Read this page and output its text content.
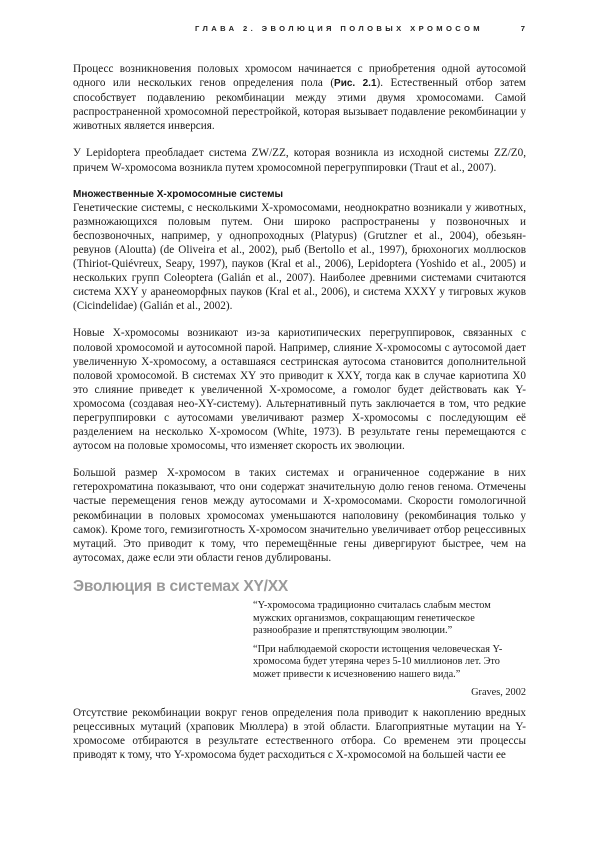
ГЛАВА 2. ЭВОЛЮЦИЯ ПОЛОВЫХ ХРОМОСОМ	7

Процесс возникновения половых хромосом начинается с приобретения одной аутосомой одного или нескольких генов определения пола (Рис. 2.1). Естественный отбор затем способствует подавлению рекомбинации между этими двумя хромосомами. Самой распространенной хромосомной перестройкой, которая вызывает подавление рекомбинации у животных является инверсия.

У Lepidoptera преобладает система ZW/ZZ, которая возникла из исходной системы ZZ/Z0, причем W-хромосома возникла путем хромосомной перегруппировки (Traut et al., 2007).

Множественные Х-хромосомные системы

Генетические системы, с несколькими Х-хромосомами, неоднократно возникали у животных, размножающихся половым путем. Они широко распространены у позвоночных и беспозвоночных, например, у однопроходных (Platypus) (Grutzner et al., 2004), обезьян-ревунов (Aloutta) (de Oliveira et al., 2002), рыб (Bertollo et al., 1997), брюхоногих моллюсков (Thiriot-Quiévreux, Seapy, 1997), пауков (Kral et al., 2006), Lepidoptera (Yoshido et al., 2005) и нескольких групп Coleoptera (Galián et al., 2007). Наиболее древними системами считаются система XXY у аранеоморфных пауков (Kral et al., 2006), и система XXXY у тигровых жуков (Cicindelidae) (Galián et al., 2002).

Новые Х-хромосомы возникают из-за кариотипических перегруппировок, связанных с половой хромосомой и аутосомной парой. Например, слияние Х-хромосомы с аутосомой дает увеличенную Х-хромосому, а оставшаяся сестринская аутосома становится дополнительной половой хромосомой. В системах XY это приводит к XXY, тогда как в случае кариотипа X0 это слияние приведет к увеличенной Х-хромосоме, а гомолог будет действовать как Y-хромосома (создавая нео-XY-систему). Альтернативный путь заключается в том, что редкие перегруппировки с аутосомами увеличивают размер Х-хромосомы с последующим её разделением на несколько Х-хромосом (White, 1973). В результате гены перемещаются с аутосом на половые хромосомы, что изменяет скорость их эволюции.

Большой размер Х-хромосом в таких системах и ограниченное содержание в них гетерохроматина показывают, что они содержат значительную долю генов генома. Отмечены частые перемещения генов между аутосомами и Х-хромосомами. Скорости гомологичной рекомбинации в половых хромосомах уменьшаются наполовину (рекомбинация только у самок). Кроме того, гемизиготность Х-хромосом значительно увеличивает отбор рецессивных мутаций. Это приводит к тому, что перемещённые гены дивергируют быстрее, чем на аутосомах, даже если эти области генов дублированы.

Эволюция в системах XY/XX

“Y-хромосома традиционно считалась слабым местом мужских организмов, сокращающим генетическое разнообразие и препятствующим эволюции.”

“При наблюдаемой скорости истощения человеческая Y-хромосома будет утеряна через 5-10 миллионов лет. Это может привести к исчезновению нашего вида.”

Graves, 2002

Отсутствие рекомбинации вокруг генов определения пола приводит к накоплению вредных рецессивных мутаций (храповик Мюллера) в этой области. Благоприятные мутации на Y-хромосоме отбираются в результате естественного отбора. Со временем эти процессы приводят к тому, что Y-хромосома будет расходиться с Х-хромосомой на большей части ее
